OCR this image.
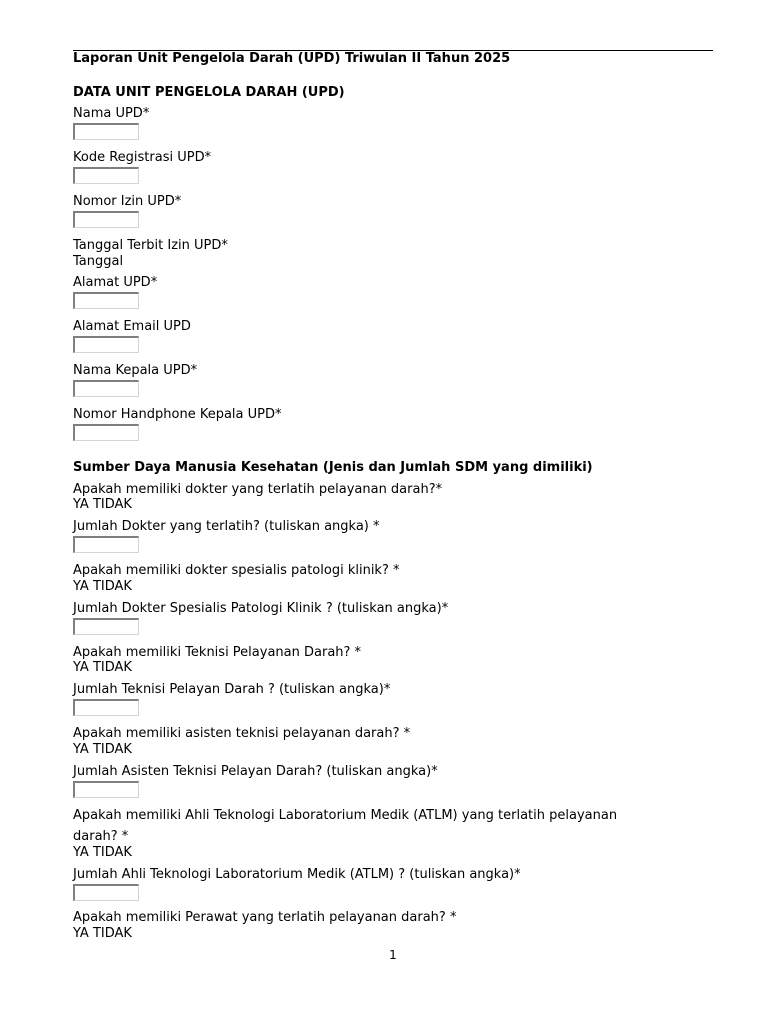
Laporan Unit Pengelola Darah (UPD) Triwulan II Tahun 2025
DATA UNIT PENGELOLA DARAH (UPD)
Nama UPD*
Kode Registrasi UPD*
Nomor Izin UPD*
Tanggal Terbit Izin UPD*
Tanggal
Alamat UPD*
Alamat Email UPD
Nama Kepala UPD*
Nomor Handphone Kepala UPD*
Sumber Daya Manusia Kesehatan (Jenis dan Jumlah SDM yang dimiliki)
Apakah memiliki dokter yang terlatih pelayanan darah?*
YA TIDAK
Jumlah Dokter yang terlatih? (tuliskan angka) *
Apakah memiliki dokter spesialis patologi klinik? *
YA TIDAK
Jumlah Dokter Spesialis Patologi Klinik ? (tuliskan angka)*
Apakah memiliki Teknisi Pelayanan Darah? *
YA TIDAK
Jumlah Teknisi Pelayan Darah ? (tuliskan angka)*
Apakah memiliki asisten teknisi pelayanan darah? *
YA TIDAK
Jumlah Asisten Teknisi Pelayan Darah? (tuliskan angka)*
Apakah memiliki Ahli Teknologi Laboratorium Medik (ATLM) yang terlatih pelayanan
darah? *
YA TIDAK
Jumlah Ahli Teknologi Laboratorium Medik (ATLM) ? (tuliskan angka)*
Apakah memiliki Perawat yang terlatih pelayanan darah? *
YA TIDAK
1
